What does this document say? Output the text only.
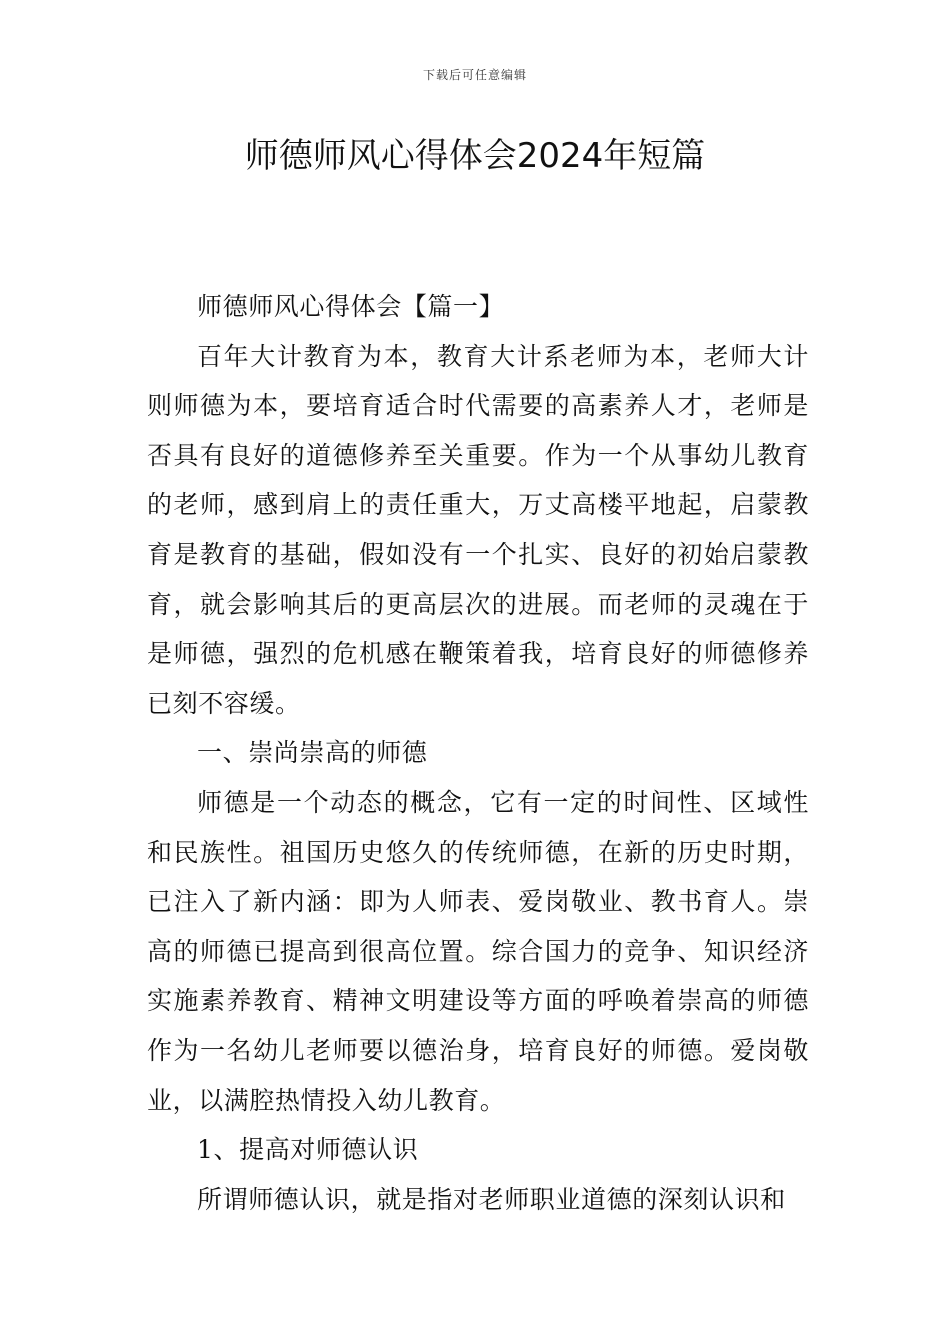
下载后可任意编辑
师德师风心得体会2024年短篇

师德师风心得体会【篇一】

百年大计教育为本，教育大计系老师为本，老师大计则师德为本，要培育适合时代需要的高素养人才，老师是否具有良好的道德修养至关重要。作为一个从事幼儿教育的老师，感到肩上的责任重大，万丈高楼平地起，启蒙教育是教育的基础，假如没有一个扎实、良好的初始启蒙教育，就会影响其后的更高层次的进展。而老师的灵魂在于是师德，强烈的危机感在鞭策着我，培育良好的师德修养已刻不容缓。

一、崇尚崇高的师德

师德是一个动态的概念，它有一定的时间性、区域性和民族性。祖国历史悠久的传统师德，在新的历史时期，已注入了新内涵：即为人师表、爱岗敬业、教书育人。崇高的师德已提高到很高位置。综合国力的竞争、知识经济实施素养教育、精神文明建设等方面的呼唤着崇高的师德作为一名幼儿老师要以德治身，培育良好的师德。爱岗敬业，以满腔热情投入幼儿教育。

1、提高对师德认识

所谓师德认识，就是指对老师职业道德的深刻认识和
